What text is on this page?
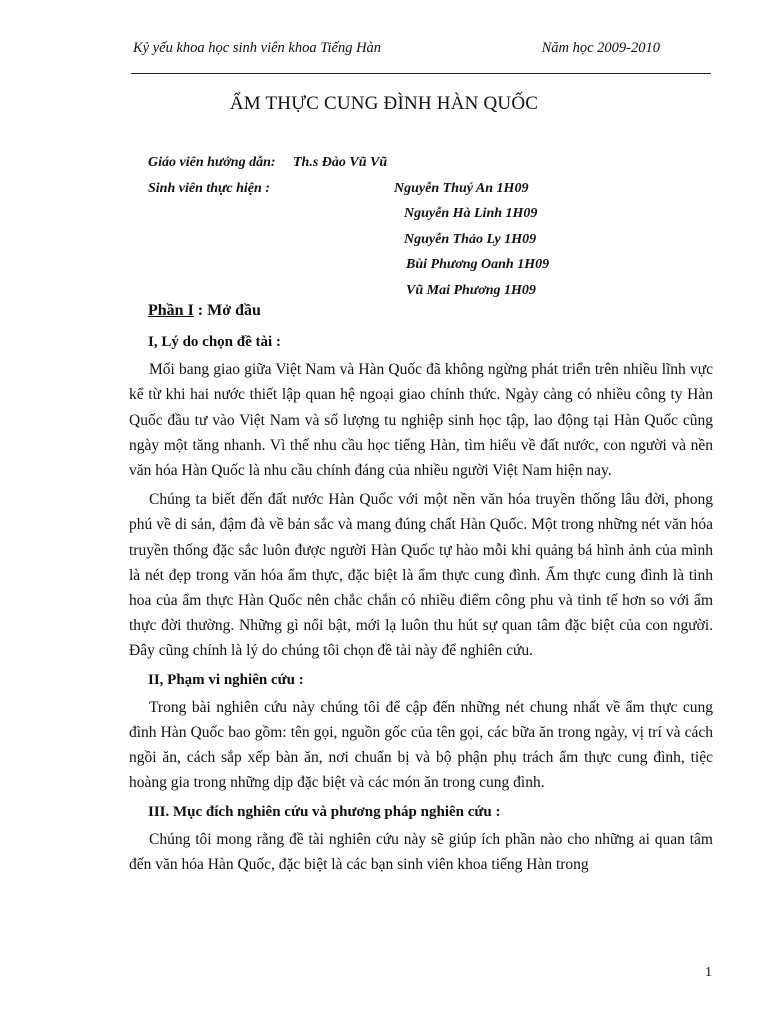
Kỷ yếu khoa học sinh viên khoa Tiếng Hàn	Năm học 2009-2010
ẨM THỰC CUNG ĐÌNH HÀN QUỐC
Giáo viên hướng dẫn: Th.s Đào Vũ Vũ
Sinh viên thực hiện :	Nguyễn Thuý An 1H09
Nguyễn Hà Linh 1H09
Nguyễn Thảo Ly 1H09
Bùi Phương Oanh 1H09
Vũ Mai Phương 1H09
Phần I : Mở đầu
I, Lý do chọn đề tài :

Mối bang giao giữa Việt Nam và Hàn Quốc đã không ngừng phát triển trên nhiều lĩnh vực kể từ khi hai nước thiết lập quan hệ ngoại giao chính thức. Ngày càng có nhiều công ty Hàn Quốc đầu tư vào Việt Nam và số lượng tu nghiệp sinh học tập, lao động tại Hàn Quốc cũng ngày một tăng nhanh. Vì thế nhu cầu học tiếng Hàn, tìm hiểu về đất nước, con người và nền văn hóa Hàn Quốc là nhu cầu chính đáng của nhiều người Việt Nam hiện nay.

Chúng ta biết đến đất nước Hàn Quốc với một nền văn hóa truyền thống lâu đời, phong phú về di sản, đậm đà về bản sắc và mang đúng chất Hàn Quốc. Một trong những nét văn hóa truyền thống đặc sắc luôn được người Hàn Quốc tự hào mỗi khi quảng bá hình ảnh của mình là nét đẹp trong văn hóa ẩm thực, đặc biệt là ẩm thực cung đình. Ẩm thực cung đình là tinh hoa của ẩm thực Hàn Quốc nên chắc chắn có nhiều điểm công phu và tinh tế hơn so với ẩm thực đời thường. Những gì nổi bật, mới lạ luôn thu hút sự quan tâm đặc biệt của con người. Đây cũng chính là lý do chúng tôi chọn đề tài này để nghiên cứu.

II, Phạm vi nghiên cứu :

Trong bài nghiên cứu này chúng tôi để cập đến những nét chung nhất về ẩm thực cung đình Hàn Quốc bao gồm: tên gọi, nguồn gốc của tên gọi, các bữa ăn trong ngày, vị trí và cách ngồi ăn, cách sắp xếp bàn ăn, nơi chuẩn bị và bộ phận phụ trách ẩm thực cung đình, tiệc hoàng gia trong những dịp đặc biệt và các món ăn trong cung đình.

III. Mục đích nghiên cứu và phương pháp nghiên cứu :

Chúng tôi mong rằng đề tài nghiên cứu này sẽ giúp ích phần nào cho những ai quan tâm đến văn hóa Hàn Quốc, đặc biệt là các bạn sinh viên khoa tiếng Hàn trong

1
